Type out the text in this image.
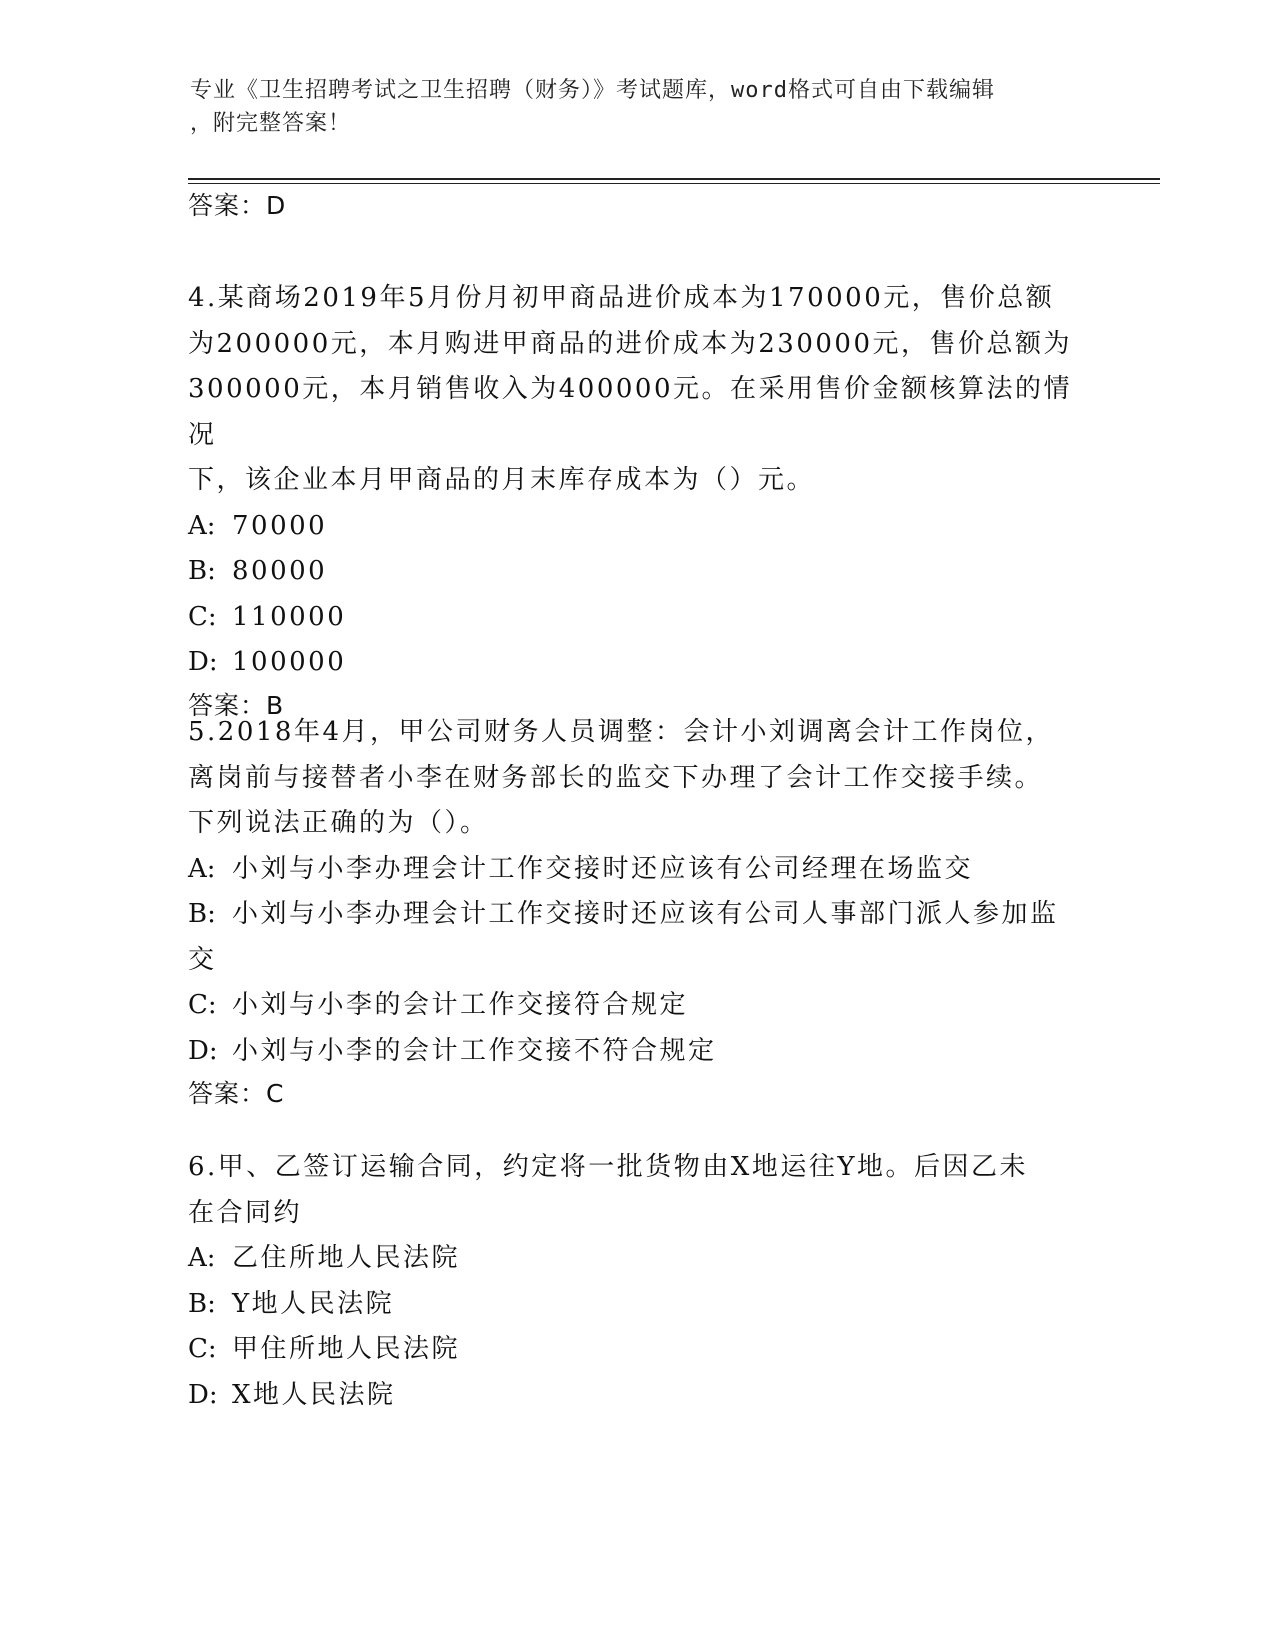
专业《卫生招聘考试之卫生招聘（财务）》考试题库，word格式可自由下载编辑
，附完整答案！

答案：D

4.某商场2019年5月份月初甲商品进价成本为170000元，售价总额

为200000元，本月购进甲商品的进价成本为230000元，售价总额为

300000元，本月销售收入为400000元。在采用售价金额核算法的情况

下，该企业本月甲商品的月末库存成本为（）元。

A: 70000

B: 80000

C: 110000

D: 100000

答案：B

5.2018年4月，甲公司财务人员调整：会计小刘调离会计工作岗位，

离岗前与接替者小李在财务部长的监交下办理了会计工作交接手续。

下列说法正确的为（）。

A: 小刘与小李办理会计工作交接时还应该有公司经理在场监交

B: 小刘与小李办理会计工作交接时还应该有公司人事部门派人参加监

交

C: 小刘与小李的会计工作交接符合规定

D: 小刘与小李的会计工作交接不符合规定

答案：C

6.甲、乙签订运输合同，约定将一批货物由X地运往Y地。后因乙未

在合同约

A: 乙住所地人民法院

B: Y地人民法院

C: 甲住所地人民法院

D: X地人民法院
